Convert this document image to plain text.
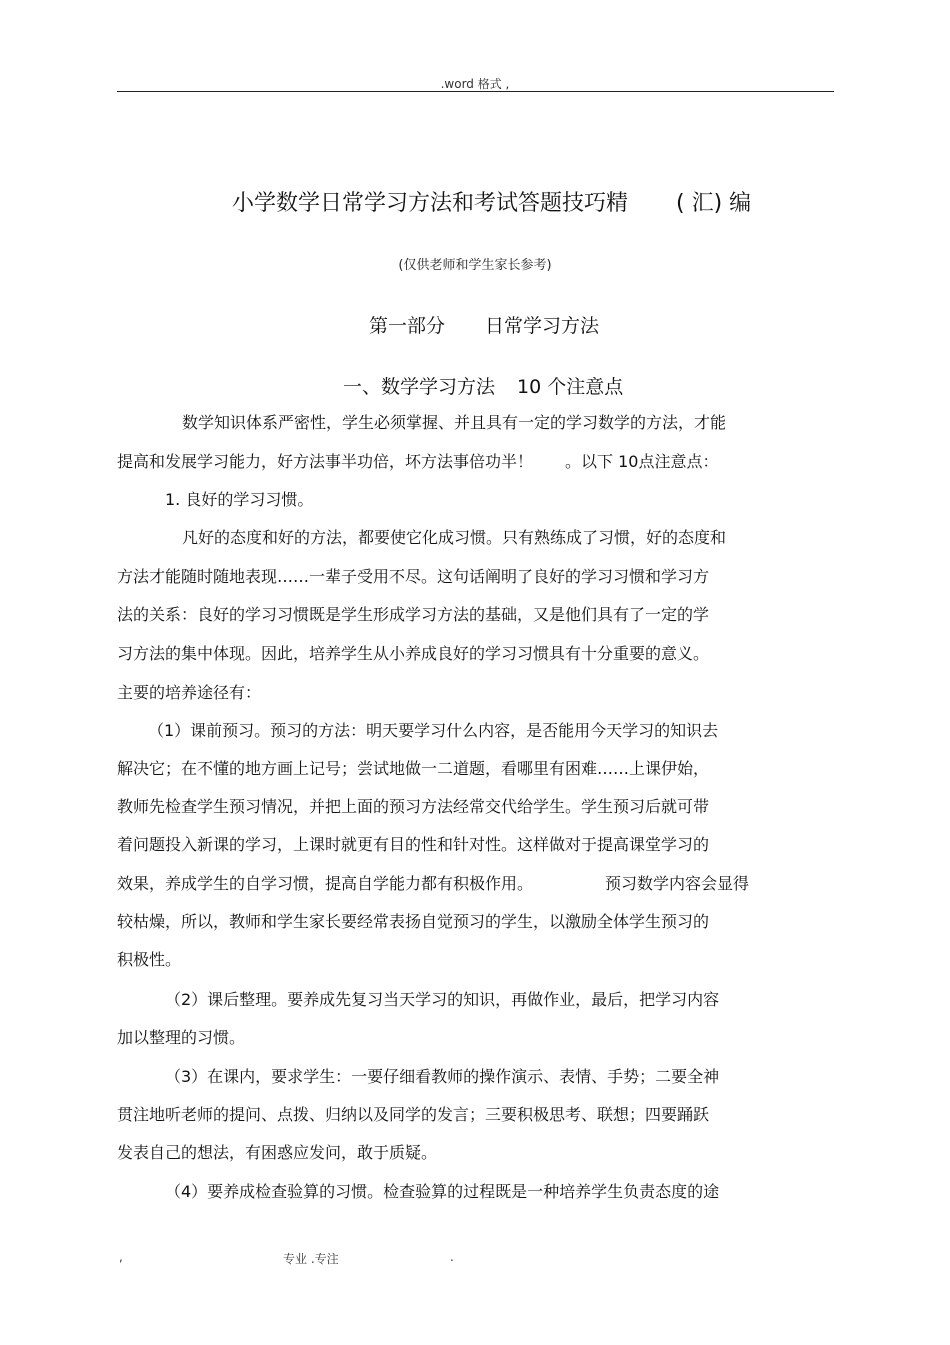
.word 格式 ,
小学数学日常学习方法和考试答题技巧精 ( 汇) 编
(仅供老师和学生家长参考)
第一部分 日常学习方法
一、数学学习方法 10 个注意点
数学知识体系严密性，学生必须掌握、并且具有一定的学习数学的方法，才能
提高和发展学习能力，好方法事半功倍，坏方法事倍功半！　　。以下 10点注意点：
1. 良好的学习习惯。
凡好的态度和好的方法，都要使它化成习惯。只有熟练成了习惯，好的态度和
方法才能随时随地表现……一辈子受用不尽。这句话阐明了良好的学习习惯和学习方
法的关系：良好的学习习惯既是学生形成学习方法的基础，又是他们具有了一定的学
习方法的集中体现。因此，培养学生从小养成良好的学习习惯具有十分重要的意义。
主要的培养途径有：
（1）课前预习。预习的方法：明天要学习什么内容，是否能用今天学习的知识去
解决它；在不懂的地方画上记号；尝试地做一二道题，看哪里有困难……上课伊始，
教师先检查学生预习情况，并把上面的预习方法经常交代给学生。学生预习后就可带
着问题投入新课的学习，上课时就更有目的性和针对性。这样做对于提高课堂学习的
效果，养成学生的自学习惯，提高自学能力都有积极作用。　　　　　预习数学内容会显得
较枯燥，所以，教师和学生家长要经常表扬自觉预习的学生，以激励全体学生预习的
积极性。
（2）课后整理。要养成先复习当天学习的知识，再做作业，最后，把学习内容
加以整理的习惯。
（3）在课内，要求学生：一要仔细看教师的操作演示、表情、手势；二要全神
贯注地听老师的提问、点拨、归纳以及同学的发言；三要积极思考、联想；四要踊跃
发表自己的想法，有困惑应发问，敢于质疑。
（4）要养成检查验算的习惯。检查验算的过程既是一种培养学生负责态度的途
,	专业 .专注	.
